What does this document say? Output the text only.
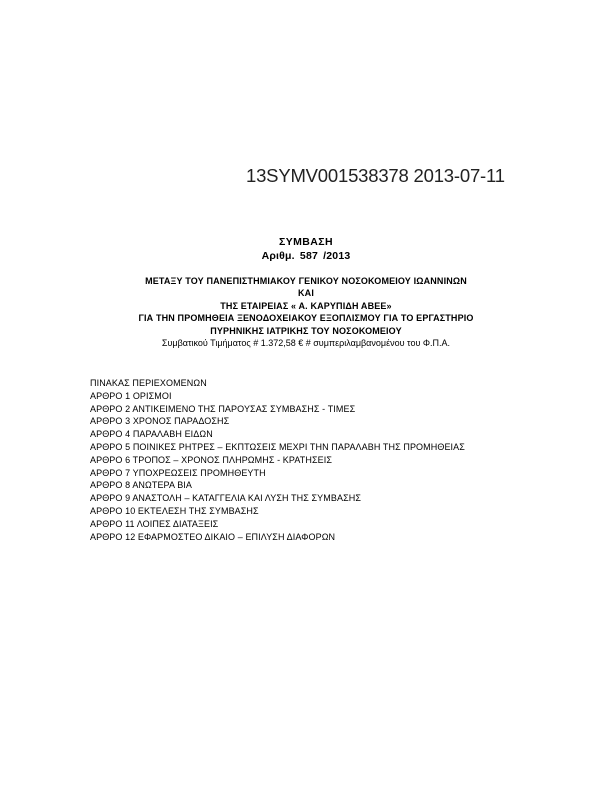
13SYMV001538378 2013-07-11
ΣΥΜΒΑΣΗ
Αριθμ. 587 /2013
ΜΕΤΑΞΥ ΤΟΥ ΠΑΝΕΠΙΣΤΗΜΙΑΚΟΥ ΓΕΝΙΚΟΥ ΝΟΣΟΚΟΜΕΙΟΥ ΙΩΑΝΝΙΝΩΝ
ΚΑΙ
ΤΗΣ ΕΤΑΙΡΕΙΑΣ « Α. ΚΑΡΥΠΙΔΗ ΑΒΕΕ»
ΓΙΑ ΤΗΝ ΠΡΟΜΗΘΕΙΑ ΞΕΝΟΔΟΧΕΙΑΚΟΥ ΕΞΟΠΛΙΣΜΟΥ ΓΙΑ ΤΟ ΕΡΓΑΣΤΗΡΙΟ
ΠΥΡΗΝΙΚΗΣ ΙΑΤΡΙΚΗΣ ΤΟΥ ΝΟΣΟΚΟΜΕΙΟΥ
Συμβατικού Τιμήματος # 1.372,58 € # συμπεριλαμβανομένου του Φ.Π.Α.
ΠΙΝΑΚΑΣ ΠΕΡΙΕΧΟΜΕΝΩΝ
ΑΡΘΡΟ 1 ΟΡΙΣΜΟΙ
ΑΡΘΡΟ 2 ΑΝΤΙΚΕΙΜΕΝΟ ΤΗΣ ΠΑΡΟΥΣΑΣ ΣΥΜΒΑΣΗΣ - ΤΙΜΕΣ
ΑΡΘΡΟ 3 ΧΡΟΝΟΣ ΠΑΡΑΔΟΣΗΣ
ΑΡΘΡΟ 4 ΠΑΡΑΛΑΒΗ ΕΙΔΩΝ
ΑΡΘΡΟ 5 ΠΟΙΝΙΚΕΣ ΡΗΤΡΕΣ – ΕΚΠΤΩΣΕΙΣ ΜΕΧΡΙ ΤΗΝ ΠΑΡΑΛΑΒΗ ΤΗΣ ΠΡΟΜΗΘΕΙΑΣ
ΑΡΘΡΟ 6 ΤΡΟΠΟΣ – ΧΡΟΝΟΣ ΠΛΗΡΩΜΗΣ - ΚΡΑΤΗΣΕΙΣ
ΑΡΘΡΟ 7 ΥΠΟΧΡΕΩΣΕΙΣ ΠΡΟΜΗΘΕΥΤΗ
ΑΡΘΡΟ 8 ΑΝΩΤΕΡΑ ΒΙΑ
ΑΡΘΡΟ 9 ΑΝΑΣΤΟΛΗ – ΚΑΤΑΓΓΕΛΙΑ ΚΑΙ ΛΥΣΗ ΤΗΣ ΣΥΜΒΑΣΗΣ
ΑΡΘΡΟ 10 ΕΚΤΕΛΕΣΗ ΤΗΣ ΣΥΜΒΑΣΗΣ
ΑΡΘΡΟ 11 ΛΟΙΠΕΣ ΔΙΑΤΑΞΕΙΣ
ΑΡΘΡΟ 12 ΕΦΑΡΜΟΣΤΕΟ ΔΙΚΑΙΟ – ΕΠΙΛΥΣΗ ΔΙΑΦΟΡΩΝ
